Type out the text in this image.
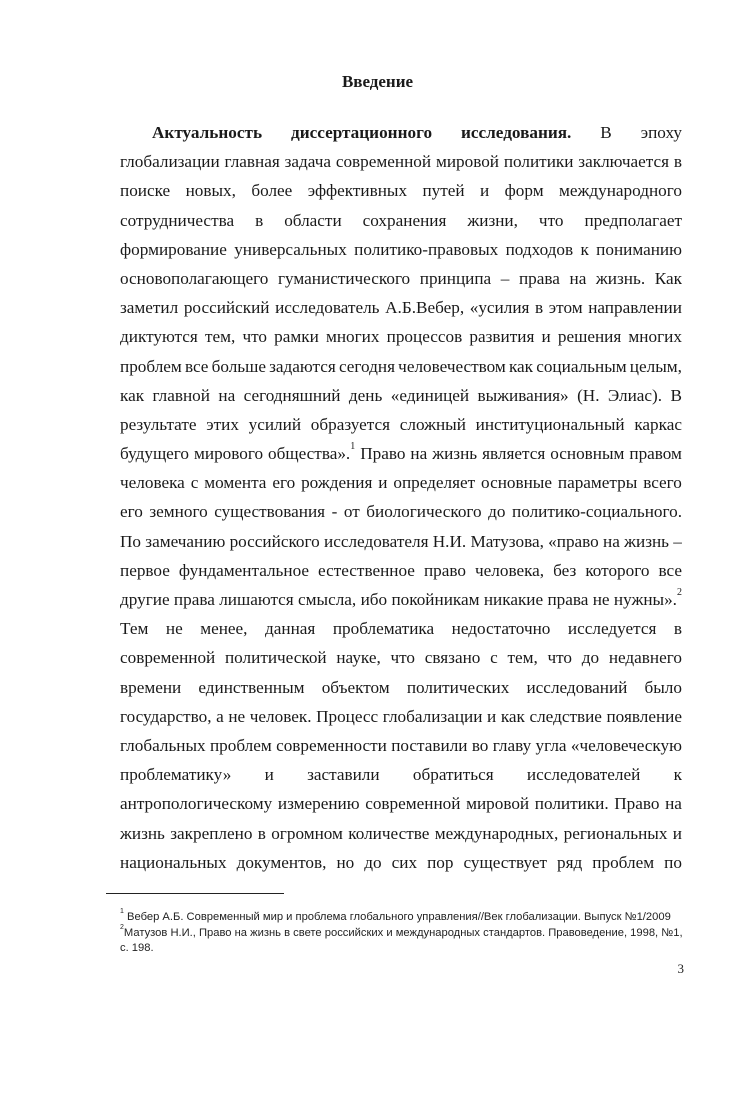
Введение
Актуальность диссертационного исследования. В эпоху
глобализации главная задача современной мировой политики заключается в
поиске новых, более эффективных путей и форм международного
сотрудничества в области сохранения жизни, что предполагает
формирование универсальных политико-правовых подходов к пониманию
основополагающего гуманистического принципа – права на жизнь. Как
заметил российский исследователь А.Б.Вебер, «усилия в этом направлении
диктуются тем, что рамки многих процессов развития и решения многих
проблем все больше задаются сегодня человечеством как социальным целым,
как главной на сегодняшний день «единицей выживания» (Н. Элиас). В
результате этих усилий образуется сложный институциональный каркас
будущего мирового общества».$^1$ Право на жизнь является основным правом
человека с момента его рождения и определяет основные параметры всего
его земного существования - от биологического до политико-социального.
По замечанию российского исследователя Н.И. Матузова, «право на жизнь –
первое фундаментальное естественное право человека, без которого все
другие права лишаются смысла, ибо покойникам никакие права не нужны».$^2$
Тем не менее, данная проблематика недостаточно исследуется в
современной политической науке, что связано с тем, что до недавнего
времени единственным объектом политических исследований было
государство, а не человек. Процесс глобализации и как следствие появление
глобальных проблем современности поставили во главу угла «человеческую
проблематику» и заставили обратиться исследователей к
антропологическому измерению современной мировой политики. Право на
жизнь закреплено в огромном количестве международных, региональных и
национальных документов, но до сих пор существует ряд проблем по
$^1$ Вебер А.Б. Современный мир и проблема глобального управления//Век глобализации. Выпуск №1/2009
$^2$Матузов Н.И., Право на жизнь в свете российских и международных стандартов. Правоведение, 1998, №1, с. 198.
3
